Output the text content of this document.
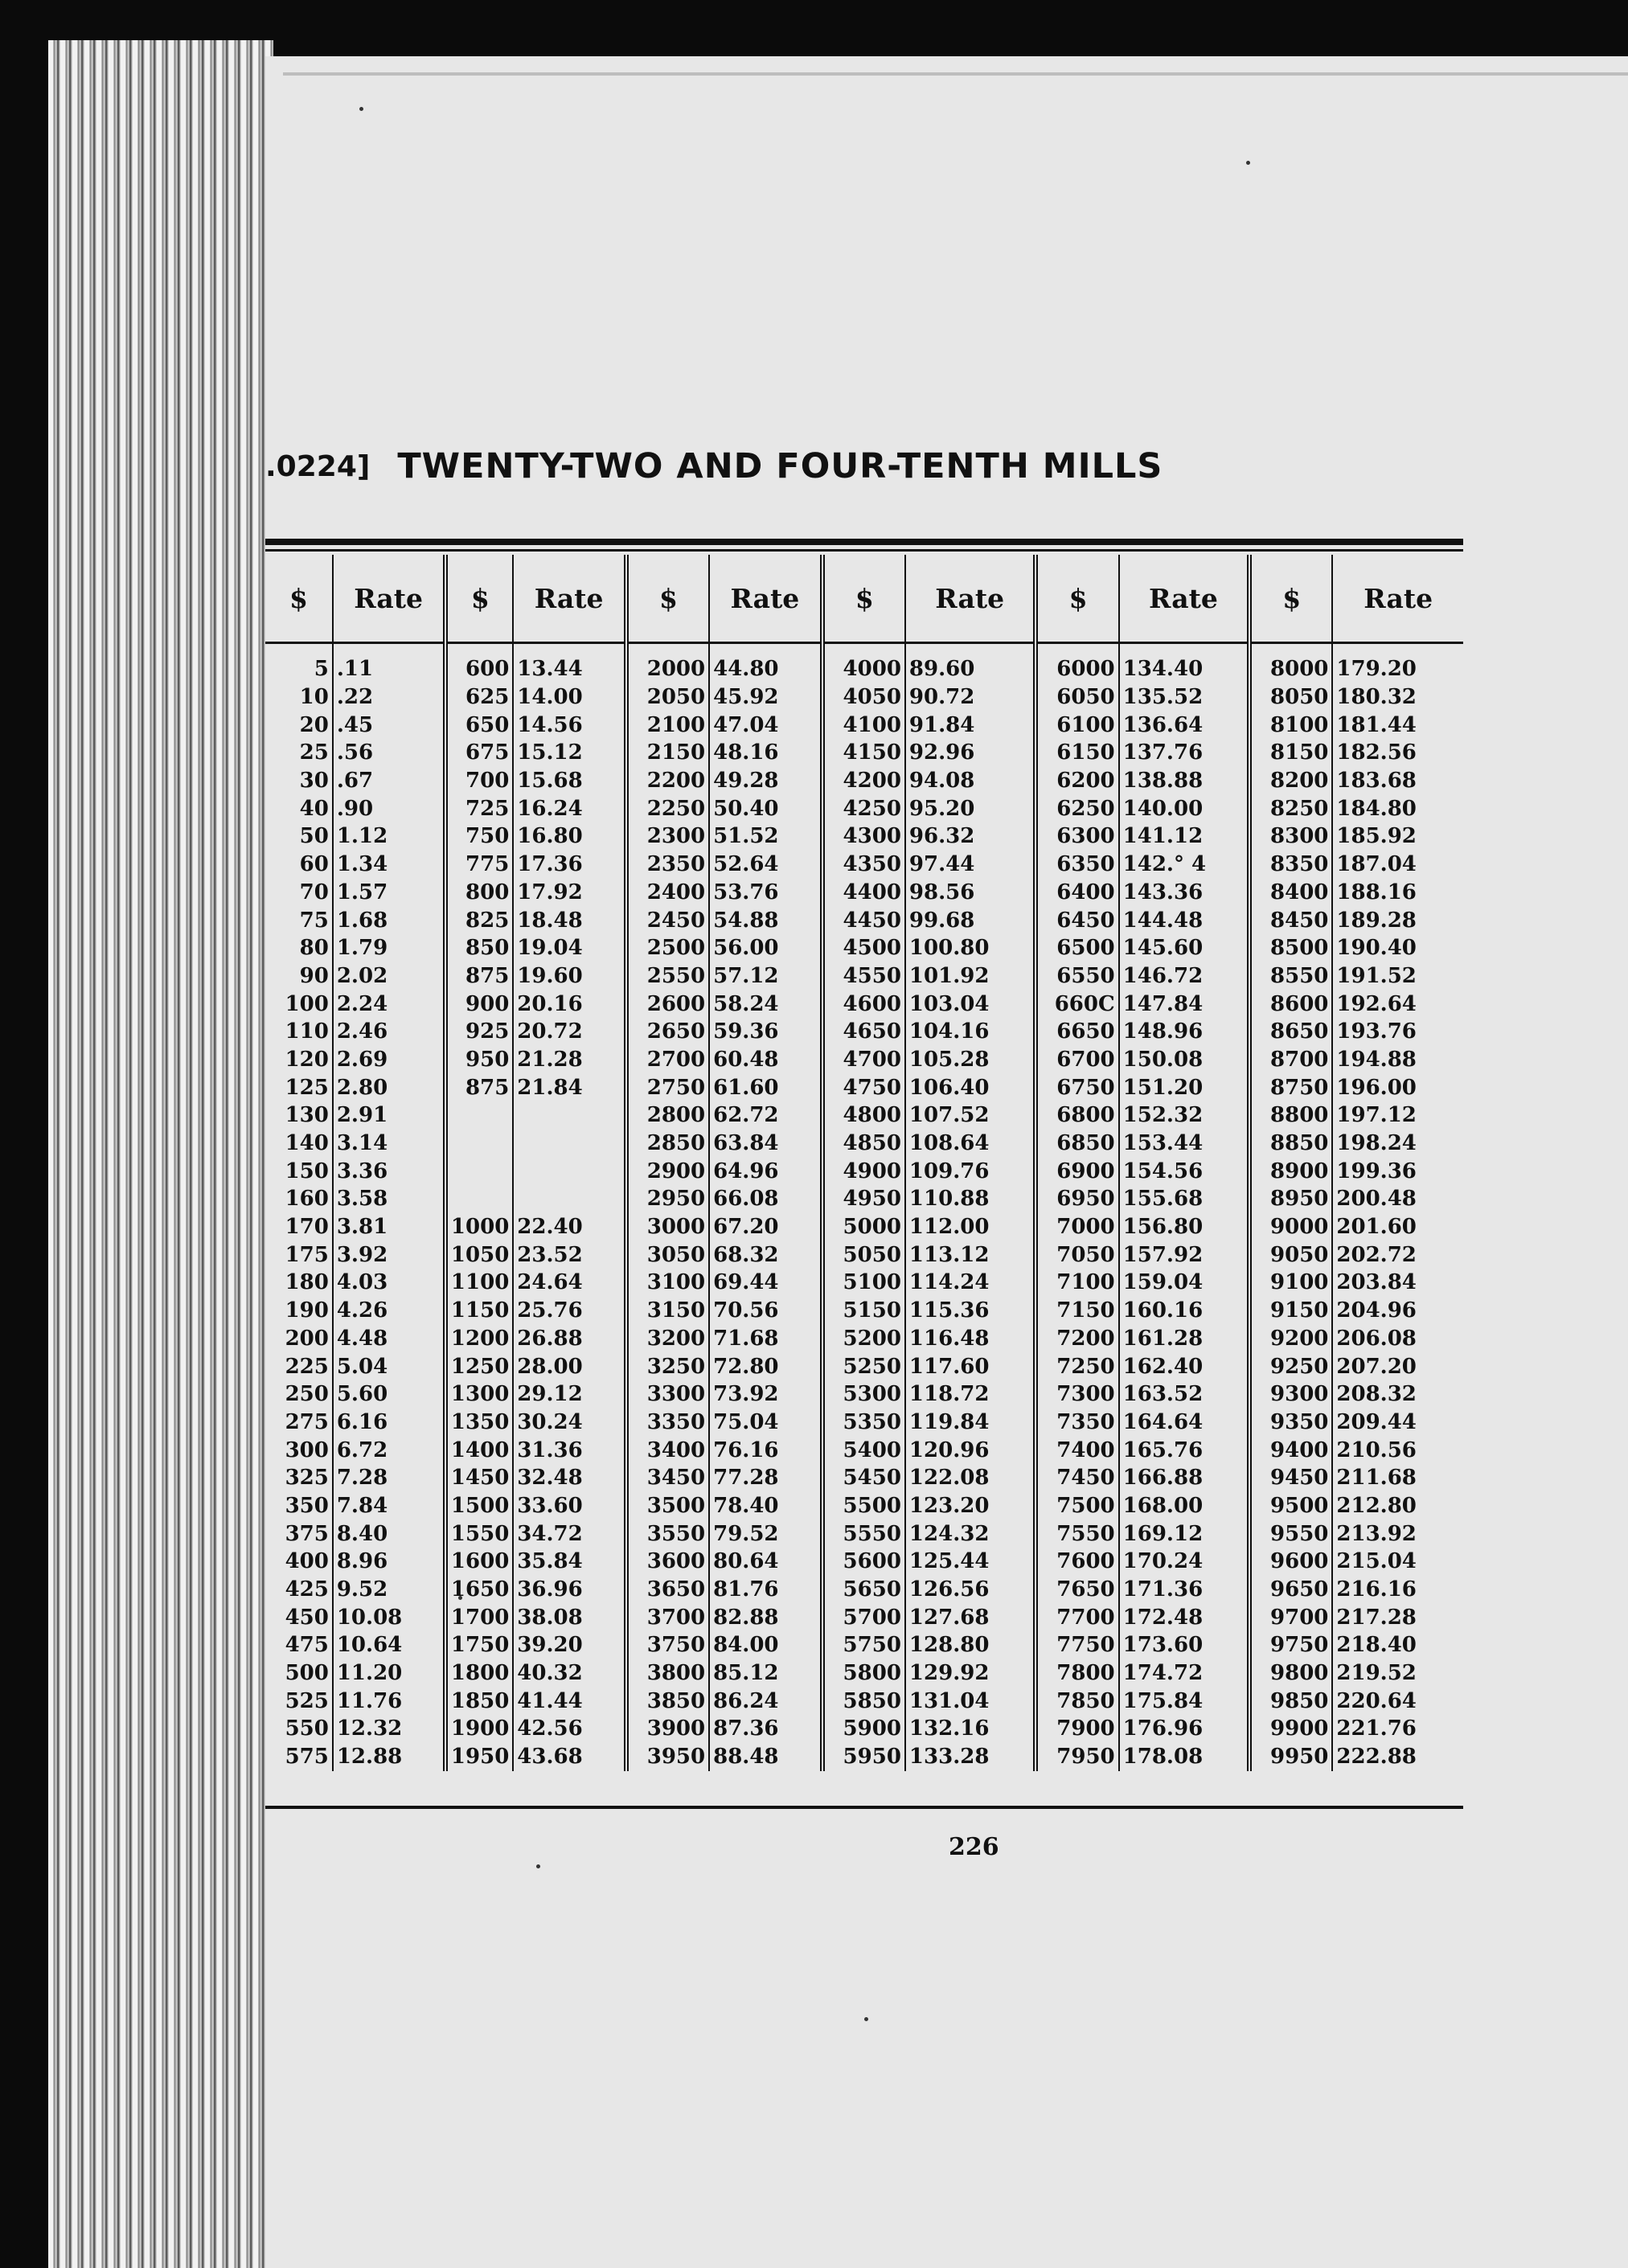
.0224] TWENTY-TWO AND FOUR-TENTH MILLS
$	Rate	$	Rate	$	Rate	$	Rate	$	Rate	$	Rate
5	.11	600	13.44	2000	44.80	4000	89.60	6000	134.40	8000	179.20
10	.22	625	14.00	2050	45.92	4050	90.72	6050	135.52	8050	180.32
20	.45	650	14.56	2100	47.04	4100	91.84	6100	136.64	8100	181.44
25	.56	675	15.12	2150	48.16	4150	92.96	6150	137.76	8150	182.56
30	.67	700	15.68	2200	49.28	4200	94.08	6200	138.88	8200	183.68
40	.90	725	16.24	2250	50.40	4250	95.20	6250	140.00	8250	184.80
50	1.12	750	16.80	2300	51.52	4300	96.32	6300	141.12	8300	185.92
60	1.34	775	17.36	2350	52.64	4350	97.44	6350	142.° 4	8350	187.04
70	1.57	800	17.92	2400	53.76	4400	98.56	6400	143.36	8400	188.16
75	1.68	825	18.48	2450	54.88	4450	99.68	6450	144.48	8450	189.28
80	1.79	850	19.04	2500	56.00	4500	100.80	6500	145.60	8500	190.40
90	2.02	875	19.60	2550	57.12	4550	101.92	6550	146.72	8550	191.52
100	2.24	900	20.16	2600	58.24	4600	103.04	660C	147.84	8600	192.64
110	2.46	925	20.72	2650	59.36	4650	104.16	6650	148.96	8650	193.76
120	2.69	950	21.28	2700	60.48	4700	105.28	6700	150.08	8700	194.88
125	2.80	875	21.84	2750	61.60	4750	106.40	6750	151.20	8750	196.00
130	2.91			2800	62.72	4800	107.52	6800	152.32	8800	197.12
140	3.14			2850	63.84	4850	108.64	6850	153.44	8850	198.24
150	3.36			2900	64.96	4900	109.76	6900	154.56	8900	199.36
160	3.58			2950	66.08	4950	110.88	6950	155.68	8950	200.48
170	3.81	1000	22.40	3000	67.20	5000	112.00	7000	156.80	9000	201.60
175	3.92	1050	23.52	3050	68.32	5050	113.12	7050	157.92	9050	202.72
180	4.03	1100	24.64	3100	69.44	5100	114.24	7100	159.04	9100	203.84
190	4.26	1150	25.76	3150	70.56	5150	115.36	7150	160.16	9150	204.96
200	4.48	1200	26.88	3200	71.68	5200	116.48	7200	161.28	9200	206.08
225	5.04	1250	28.00	3250	72.80	5250	117.60	7250	162.40	9250	207.20
250	5.60	1300	29.12	3300	73.92	5300	118.72	7300	163.52	9300	208.32
275	6.16	1350	30.24	3350	75.04	5350	119.84	7350	164.64	9350	209.44
300	6.72	1400	31.36	3400	76.16	5400	120.96	7400	165.76	9400	210.56
325	7.28	1450	32.48	3450	77.28	5450	122.08	7450	166.88	9450	211.68
350	7.84	1500	33.60	3500	78.40	5500	123.20	7500	168.00	9500	212.80
375	8.40	1550	34.72	3550	79.52	5550	124.32	7550	169.12	9550	213.92
400	8.96	1600	35.84	3600	80.64	5600	125.44	7600	170.24	9600	215.04
425	9.52	1650	36.96	3650	81.76	5650	126.56	7650	171.36	9650	216.16
450	10.08	1700	38.08	3700	82.88	5700	127.68	7700	172.48	9700	217.28
475	10.64	1750	39.20	3750	84.00	5750	128.80	7750	173.60	9750	218.40
500	11.20	1800	40.32	3800	85.12	5800	129.92	7800	174.72	9800	219.52
525	11.76	1850	41.44	3850	86.24	5850	131.04	7850	175.84	9850	220.64
550	12.32	1900	42.56	3900	87.36	5900	132.16	7900	176.96	9900	221.76
575	12.88	1950	43.68	3950	88.48	5950	133.28	7950	178.08	9950	222.88
226
